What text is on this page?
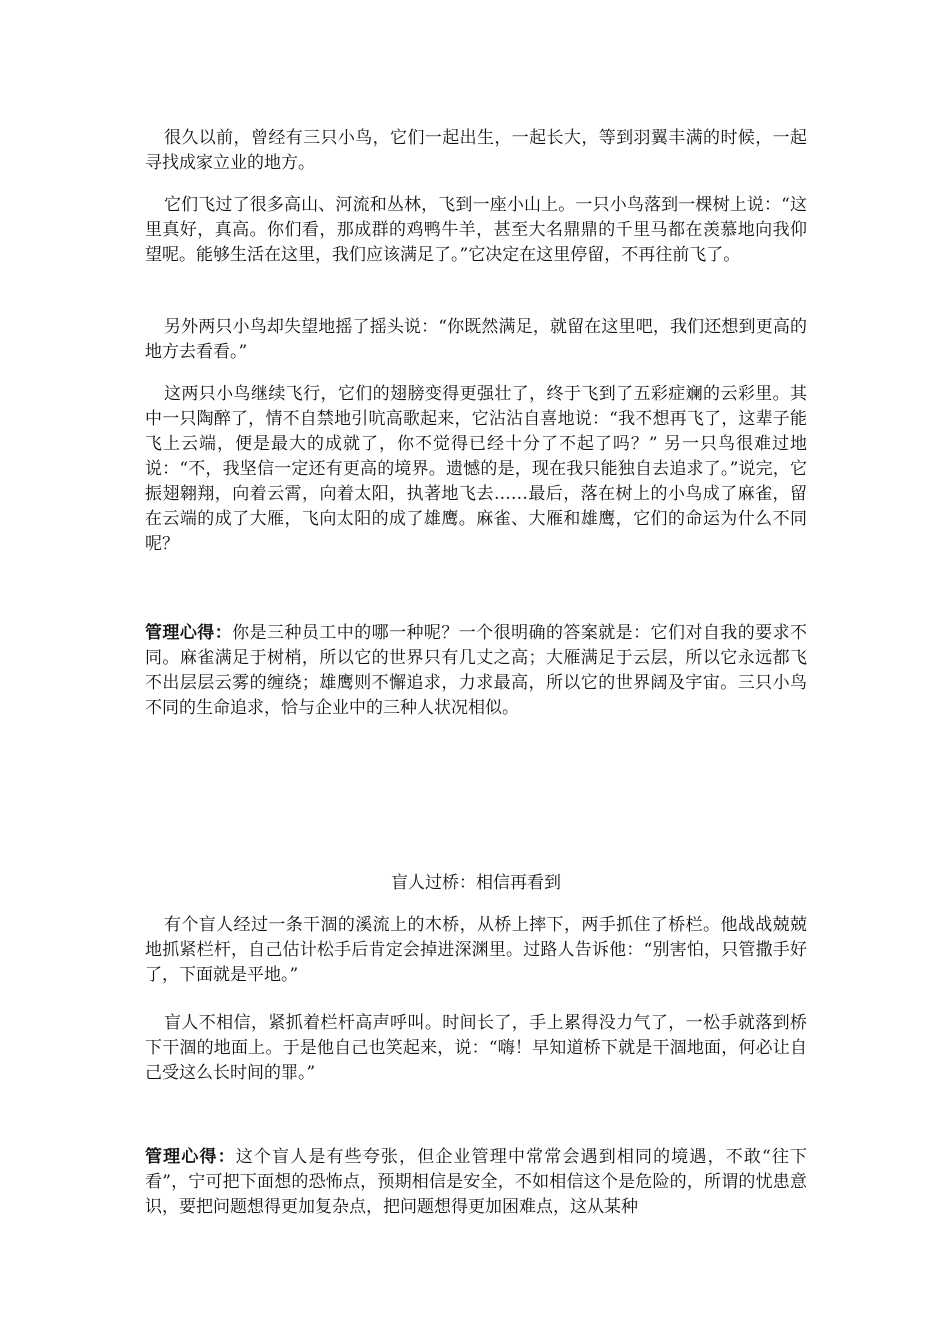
很久以前，曾经有三只小鸟，它们一起出生，一起长大，等到羽翼丰满的时候，一起寻找成家立业的地方。

它们飞过了很多高山、河流和丛林，飞到一座小山上。一只小鸟落到一棵树上说：“这里真好，真高。你们看，那成群的鸡鸭牛羊，甚至大名鼎鼎的千里马都在羡慕地向我仰望呢。能够生活在这里，我们应该满足了。”它决定在这里停留，不再往前飞了。

另外两只小鸟却失望地摇了摇头说：“你既然满足，就留在这里吧，我们还想到更高的地方去看看。”

这两只小鸟继续飞行，它们的翅膀变得更强壮了，终于飞到了五彩症斓的云彩里。其中一只陶醉了，情不自禁地引吭高歌起来，它沾沾自喜地说：“我不想再飞了，这辈子能飞上云端，便是最大的成就了，你不觉得已经十分了不起了吗？” 另一只鸟很难过地说：“不，我坚信一定还有更高的境界。遗憾的是，现在我只能独自去追求了。”说完，它振翅翱翔，向着云霄，向着太阳，执著地飞去……最后，落在树上的小鸟成了麻雀，留在云端的成了大雁，飞向太阳的成了雄鹰。麻雀、大雁和雄鹰，它们的命运为什么不同呢？

管理心得：你是三种员工中的哪一种呢？一个很明确的答案就是：它们对自我的要求不同。麻雀满足于树梢，所以它的世界只有几丈之高；大雁满足于云层，所以它永远都飞不出层层云雾的缠绕；雄鹰则不懈追求，力求最高，所以它的世界阔及宇宙。三只小鸟不同的生命追求，恰与企业中的三种人状况相似。

盲人过桥：相信再看到

有个盲人经过一条干涸的溪流上的木桥，从桥上摔下，两手抓住了桥栏。他战战兢兢地抓紧栏杆，自己估计松手后肯定会掉进深渊里。过路人告诉他：“别害怕，只管撒手好了，下面就是平地。”

盲人不相信，紧抓着栏杆高声呼叫。时间长了，手上累得没力气了，一松手就落到桥下干涸的地面上。于是他自己也笑起来，说：“嗨！早知道桥下就是干涸地面，何必让自己受这么长时间的罪。”

管理心得：这个盲人是有些夸张，但企业管理中常常会遇到相同的境遇，不敢“往下看”，宁可把下面想的恐怖点，预期相信是安全，不如相信这个是危险的，所谓的忧患意识，要把问题想得更加复杂点，把问题想得更加困难点，这从某种
